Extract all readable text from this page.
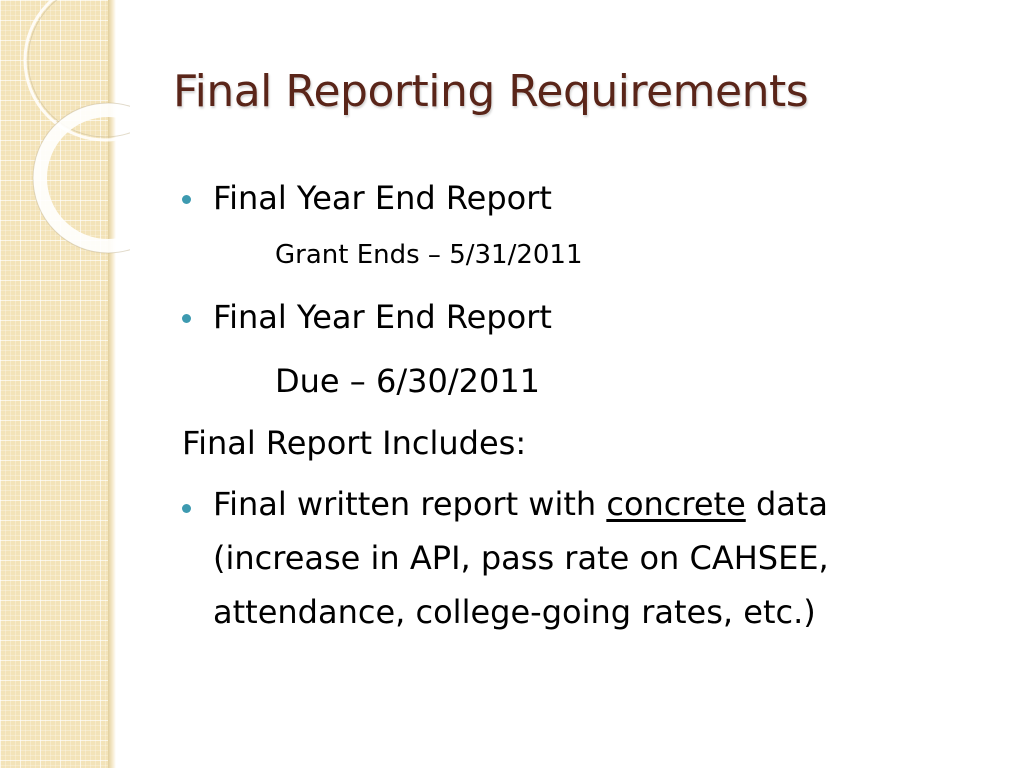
Final Reporting Requirements
Final Year End Report
Grant Ends – 5/31/2011
Final Year End Report
Due – 6/30/2011
Final Report Includes:
Final written report with concrete data
(increase in API, pass rate on CAHSEE,
attendance, college-going rates, etc.)
